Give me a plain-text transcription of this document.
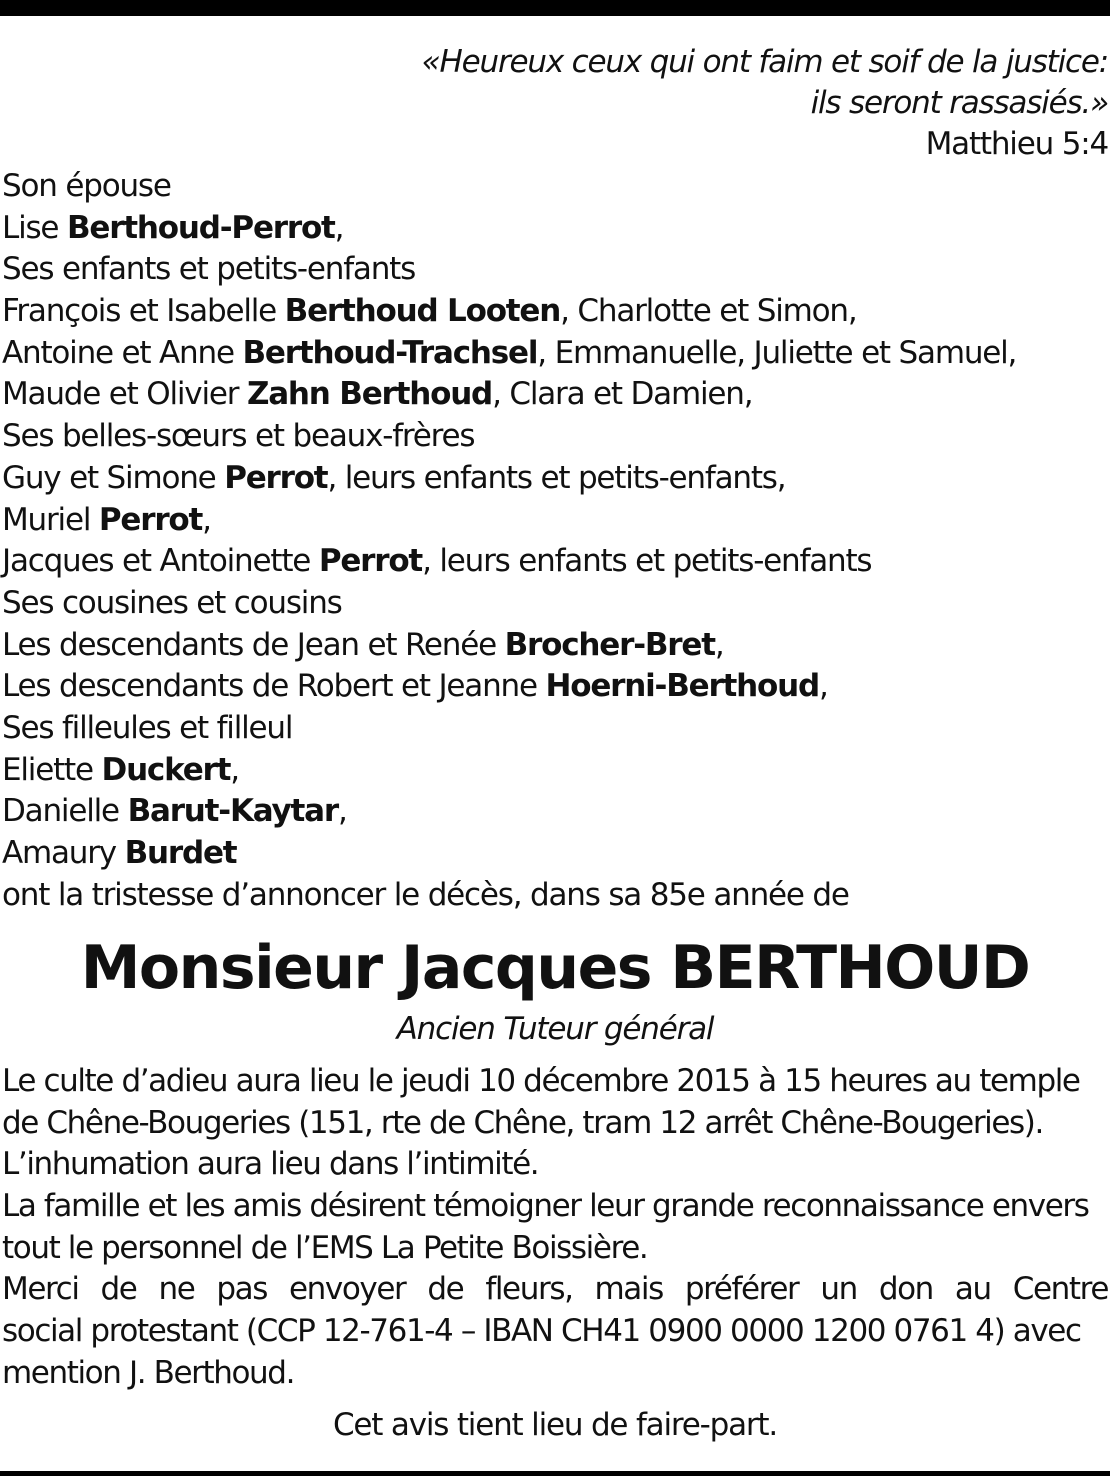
«Heureux ceux qui ont faim et soif de la justice:
ils seront rassasiés.»
Matthieu 5:4
Son épouse
Lise Berthoud-Perrot,
Ses enfants et petits-enfants
François et Isabelle Berthoud Looten, Charlotte et Simon,
Antoine et Anne Berthoud-Trachsel, Emmanuelle, Juliette et Samuel,
Maude et Olivier Zahn Berthoud, Clara et Damien,
Ses belles-sœurs et beaux-frères
Guy et Simone Perrot, leurs enfants et petits-enfants,
Muriel Perrot,
Jacques et Antoinette Perrot, leurs enfants et petits-enfants
Ses cousines et cousins
Les descendants de Jean et Renée Brocher-Bret,
Les descendants de Robert et Jeanne Hoerni-Berthoud,
Ses filleules et filleul
Eliette Duckert,
Danielle Barut-Kaytar,
Amaury Burdet
ont la tristesse d’annoncer le décès, dans sa 85e année de
Monsieur Jacques BERTHOUD
Ancien Tuteur général
Le culte d’adieu aura lieu le jeudi 10 décembre 2015 à 15 heures au temple
de Chêne-Bougeries (151, rte de Chêne, tram 12 arrêt Chêne-Bougeries).
L’inhumation aura lieu dans l’intimité.
La famille et les amis désirent témoigner leur grande reconnaissance envers
tout le personnel de l’EMS La Petite Boissière.
Merci de ne pas envoyer de fleurs, mais préférer un don au Centre
social protestant (CCP 12-761-4 – IBAN CH41 0900 0000 1200 0761 4) avec
mention J. Berthoud.
Cet avis tient lieu de faire-part.
